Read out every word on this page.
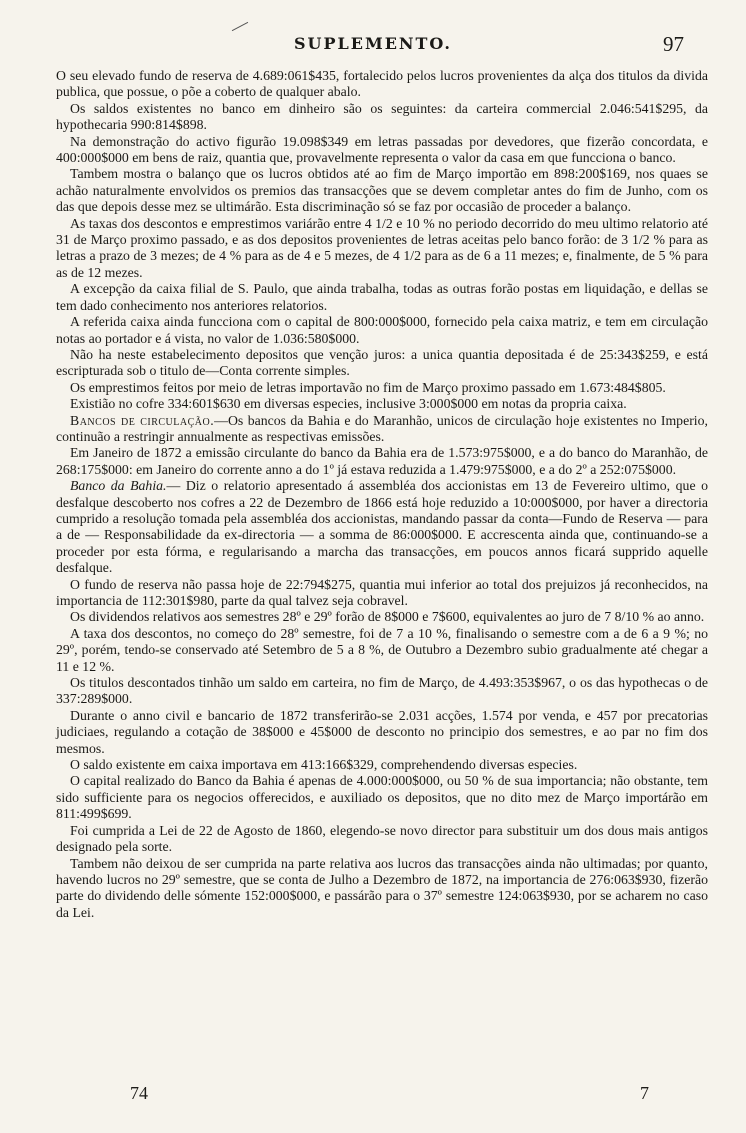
SUPLEMENTO.	97

O seu elevado fundo de reserva de 4.689:061$435, fortalecido pelos lucros provenientes da alça dos titulos da divida publica, que possue, o põe a coberto de qualquer abalo.

Os saldos existentes no banco em dinheiro são os seguintes: da carteira commercial 2.046:541$295, da hypothecaria 990:814$898.

Na demonstração do activo figurão 19.098$349 em letras passadas por devedores, que fizerão concordata, e 400:000$000 em bens de raiz, quantia que, provavelmente representa o valor da casa em que funcciona o banco.

Tambem mostra o balanço que os lucros obtidos até ao fim de Março importão em 898:200$169, nos quaes se achão naturalmente envolvidos os premios das transacções que se devem completar antes do fim de Junho, com os das que depois desse mez se ultimárão. Esta discriminação só se faz por occasião de proceder a balanço.

As taxas dos descontos e emprestimos variárão entre 4 1/2 e 10 % no periodo decorrido do meu ultimo relatorio até 31 de Março proximo passado, e as dos depositos provenientes de letras aceitas pelo banco forão: de 3 1/2 % para as letras a prazo de 3 mezes; de 4 % para as de 4 e 5 mezes, de 4 1/2 para as de 6 a 11 mezes; e, finalmente, de 5 % para as de 12 mezes.

A excepção da caixa filial de S. Paulo, que ainda trabalha, todas as outras forão postas em liquidação, e dellas se tem dado conhecimento nos anteriores relatorios.

A referida caixa ainda funcciona com o capital de 800:000$000, fornecido pela caixa matriz, e tem em circulação notas ao portador e á vista, no valor de 1.036:580$000.

Não ha neste estabelecimento depositos que venção juros: a unica quantia depositada é de 25:343$259, e está escripturada sob o titulo de—Conta corrente simples.

Os emprestimos feitos por meio de letras importavão no fim de Março proximo passado em 1.673:484$805.

Existião no cofre 334:601$630 em diversas especies, inclusive 3:000$000 em notas da propria caixa.

Bancos de circulação.—Os bancos da Bahia e do Maranhão, unicos de circulação hoje existentes no Imperio, continuão a restringir annualmente as respectivas emissões.

Em Janeiro de 1872 a emissão circulante do banco da Bahia era de 1.573:975$000, e a do banco do Maranhão, de 268:175$000: em Janeiro do corrente anno a do 1º já estava reduzida a 1.479:975$000, e a do 2º a 252:075$000.

Banco da Bahia.— Diz o relatorio apresentado á assembléa dos accionistas em 13 de Fevereiro ultimo, que o desfalque descoberto nos cofres a 22 de Dezembro de 1866 está hoje reduzido a 10:000$000, por haver a directoria cumprido a resolução tomada pela assembléa dos accionistas, mandando passar da conta—Fundo de Reserva — para a de — Responsabilidade da ex-directoria — a somma de 86:000$000. E accrescenta ainda que, continuando-se a proceder por esta fórma, e regularisando a marcha das transacções, em poucos annos ficará supprido aquelle desfalque.

O fundo de reserva não passa hoje de 22:794$275, quantia mui inferior ao total dos prejuizos já reconhecidos, na importancia de 112:301$980, parte da qual talvez seja cobravel.

Os dividendos relativos aos semestres 28º e 29º forão de 8$000 e 7$600, equivalentes ao juro de 7 8/10 % ao anno.

A taxa dos descontos, no começo do 28º semestre, foi de 7 a 10 %, finalisando o semestre com a de 6 a 9 %; no 29º, porém, tendo-se conservado até Setembro de 5 a 8 %, de Outubro a Dezembro subio gradualmente até chegar a 11 e 12 %.

Os titulos descontados tinhão um saldo em carteira, no fim de Março, de 4.493:353$967, o os das hypothecas o de 337:289$000.

Durante o anno civil e bancario de 1872 transferirão-se 2.031 acções, 1.574 por venda, e 457 por precatorias judiciaes, regulando a cotação de 38$000 e 45$000 de desconto no principio dos semestres, e ao par no fim dos mesmos.

O saldo existente em caixa importava em 413:166$329, comprehendendo diversas especies.

O capital realizado do Banco da Bahia é apenas de 4.000:000$000, ou 50 % de sua importancia; não obstante, tem sido sufficiente para os negocios offerecidos, e auxiliado os depositos, que no dito mez de Março importárão em 811:499$699.

Foi cumprida a Lei de 22 de Agosto de 1860, elegendo-se novo director para substituir um dos dous mais antigos designado pela sorte.

Tambem não deixou de ser cumprida na parte relativa aos lucros das transacções ainda não ultimadas; por quanto, havendo lucros no 29º semestre, que se conta de Julho a Dezembro de 1872, na importancia de 276:063$930, fizerão parte do dividendo delle sómente 152:000$000, e passárão para o 37º semestre 124:063$930, por se acharem no caso da Lei.

74	7
